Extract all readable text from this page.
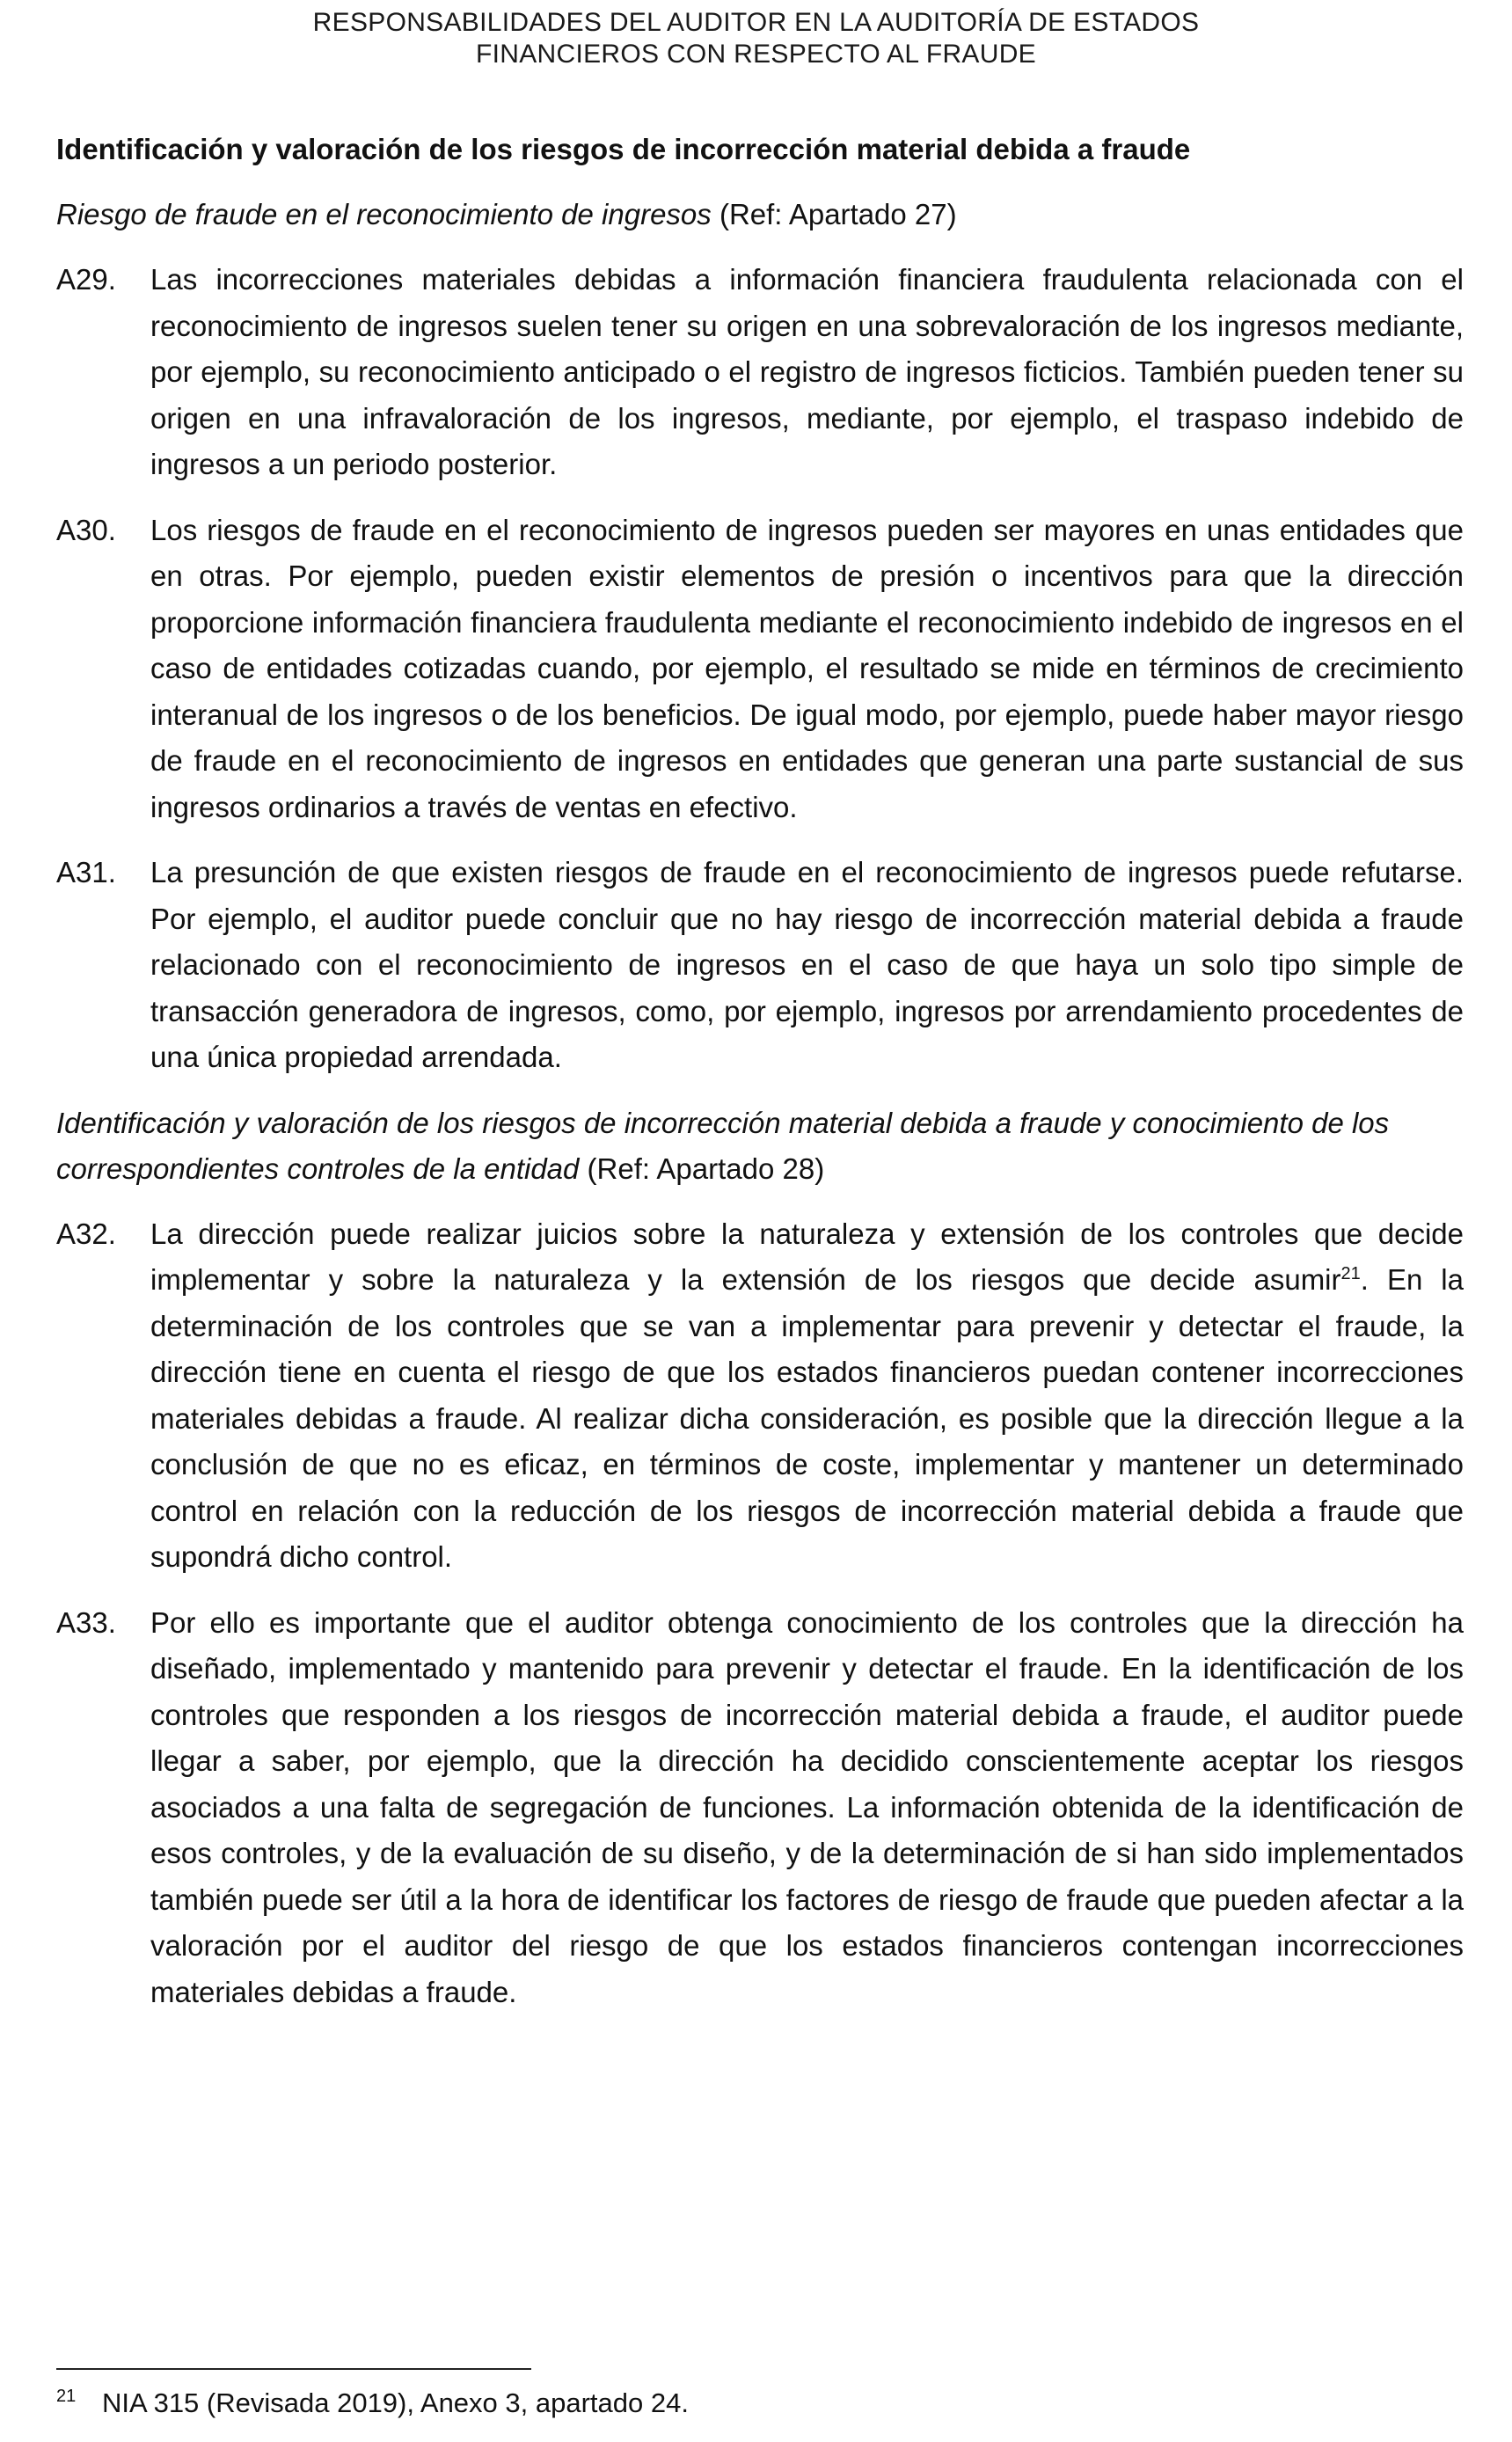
RESPONSABILIDADES DEL AUDITOR EN LA AUDITORÍA DE ESTADOS
FINANCIEROS CON RESPECTO AL FRAUDE
Identificación y valoración de los riesgos de incorrección material debida a fraude
Riesgo de fraude en el reconocimiento de ingresos (Ref: Apartado 27)
A29.	Las incorrecciones materiales debidas a información financiera fraudulenta relacionada con el reconocimiento de ingresos suelen tener su origen en una sobrevaloración de los ingresos mediante, por ejemplo, su reconocimiento anticipado o el registro de ingresos ficticios. También pueden tener su origen en una infravaloración de los ingresos, mediante, por ejemplo, el traspaso indebido de ingresos a un periodo posterior.
A30.	Los riesgos de fraude en el reconocimiento de ingresos pueden ser mayores en unas entidades que en otras. Por ejemplo, pueden existir elementos de presión o incentivos para que la dirección proporcione información financiera fraudulenta mediante el reconocimiento indebido de ingresos en el caso de entidades cotizadas cuando, por ejemplo, el resultado se mide en términos de crecimiento interanual de los ingresos o de los beneficios. De igual modo, por ejemplo, puede haber mayor riesgo de fraude en el reconocimiento de ingresos en entidades que generan una parte sustancial de sus ingresos ordinarios a través de ventas en efectivo.
A31.	La presunción de que existen riesgos de fraude en el reconocimiento de ingresos puede refutarse. Por ejemplo, el auditor puede concluir que no hay riesgo de incorrección material debida a fraude relacionado con el reconocimiento de ingresos en el caso de que haya un solo tipo simple de transacción generadora de ingresos, como, por ejemplo, ingresos por arrendamiento procedentes de una única propiedad arrendada.
Identificación y valoración de los riesgos de incorrección material debida a fraude y conocimiento de los correspondientes controles de la entidad (Ref: Apartado 28)
A32.	La dirección puede realizar juicios sobre la naturaleza y extensión de los controles que decide implementar y sobre la naturaleza y la extensión de los riesgos que decide asumir$^{21}$. En la determinación de los controles que se van a implementar para prevenir y detectar el fraude, la dirección tiene en cuenta el riesgo de que los estados financieros puedan contener incorrecciones materiales debidas a fraude. Al realizar dicha consideración, es posible que la dirección llegue a la conclusión de que no es eficaz, en términos de coste, implementar y mantener un determinado control en relación con la reducción de los riesgos de incorrección material debida a fraude que supondrá dicho control.
A33.	Por ello es importante que el auditor obtenga conocimiento de los controles que la dirección ha diseñado, implementado y mantenido para prevenir y detectar el fraude. En la identificación de los controles que responden a los riesgos de incorrección material debida a fraude, el auditor puede llegar a saber, por ejemplo, que la dirección ha decidido conscientemente aceptar los riesgos asociados a una falta de segregación de funciones. La información obtenida de la identificación de esos controles, y de la evaluación de su diseño, y de la determinación de si han sido implementados también puede ser útil a la hora de identificar los factores de riesgo de fraude que pueden afectar a la valoración por el auditor del riesgo de que los estados financieros contengan incorrecciones materiales debidas a fraude.
21 NIA 315 (Revisada 2019), Anexo 3, apartado 24.
